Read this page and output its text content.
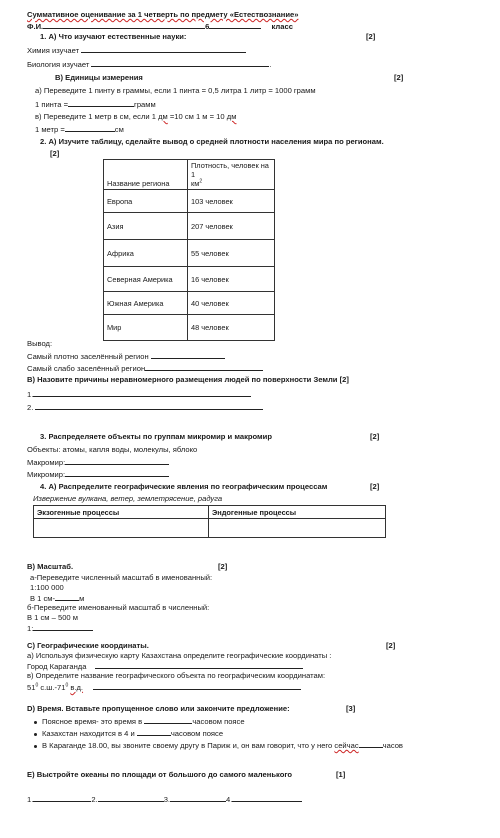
Суммативное оценивание за 1 четверть по предмету «Естествознание»
Ф.И.	6	класс
1. А) Что изучают естественные науки:	[2]
Химия изучает
Биология изучает	.
В) Единицы измерения	[2]
а) Переведите 1 пинту в граммы, если 1 пинта = 0,5 литра 1 литр = 1000 грамм
1 пинта =	грамм
в) Переведите 1 метр в см, если 1 дм =10 см 1 м = 10 дм
1 метр =	см
2. А) Изучите таблицу, сделайте вывод о средней плотности населения мира по регионам.
[2]
Название региона	Плотность, человек на 1
$км^2$
Европа	103 человек
Азия	207 человек
Африка	55 человек
Северная Америка	16 человек
Южная Америка	40 человек
Мир	48 человек
Вывод:
Самый плотно заселённый регион
Самый слабо заселённый регион
В) Назовите причины неравномерного размещения людей по поверхности Земли [2]
1.
2.
3. Распределяете объекты по группам микромир и макромир	[2]
Объекты: атомы, капля воды, молекулы, яблоко
Макромир:
Микромир:
4. А) Распределите географические явления по географическим процессам	[2]
Извержение вулкана, ветер, землетрясение, радуга
Экзогенные процессы	Эндогенные процессы

В) Масштаб.	[2]
а-Переведите численный масштаб в именованный:
1:100 000
В 1 см-	м
б-Переведите именованный масштаб в численный:
В 1 см – 500 м
1:
С) Географические координаты.	[2]
а) Используя физическую карту Казахстана определите географические координаты :
Город Караганда
в) Определите название географического объекта по географическим координатам:
$51^0$ $с.ш.-71^0$ в.д.
D) Время. Вставьте пропущенное слово или закончите предложение:	[3]
Поясное время- это время в	часовом поясе
Казахстан находится в 4 и	часовом поясе
В Караганде 18.00, вы звоните своему другу в Париж и, он вам говорит, что у него сейчас	часов
E) Выстройте океаны по площади от большого до самого маленького	[1]
1.	2.	3.	4.
